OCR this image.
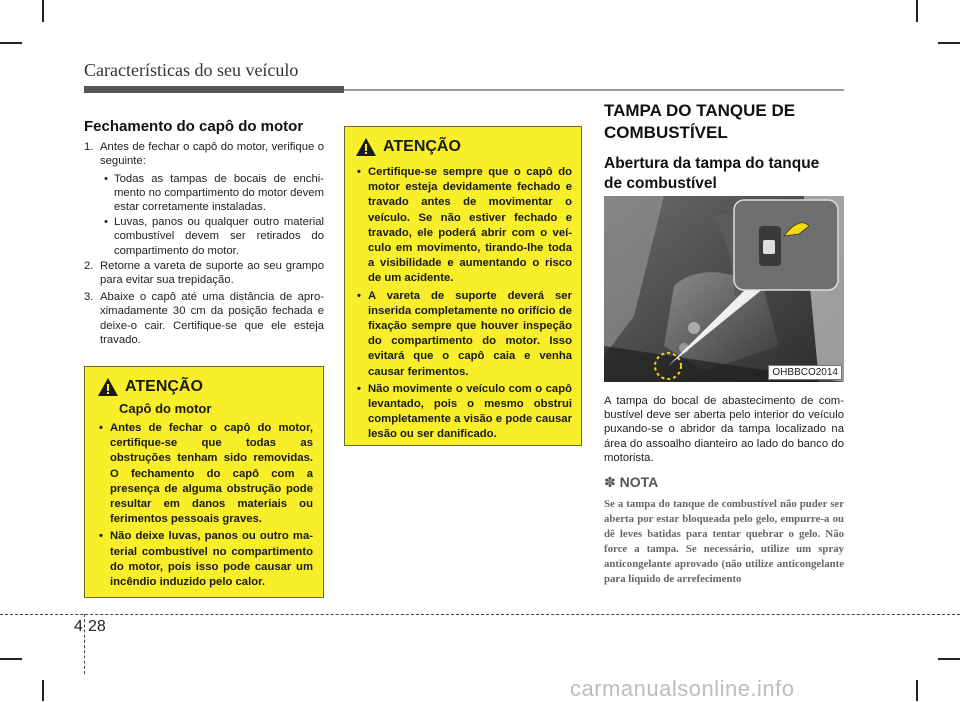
Características do seu veículo
Fechamento do capô do motor
1. Antes de fechar o capô do motor, verifique o seguinte:
• Todas as tampas de bocais de enchimento no compartimento do motor devem estar corretamente instaladas.
• Luvas, panos ou qualquer outro material combustível devem ser retirados do compartimento do motor.
2. Retorne a vareta de suporte ao seu grampo para evitar sua trepidação.
3. Abaixe o capô até uma distância de aproximadamente 30 cm da posição fechada e deixe-o cair. Certifique-se que ele esteja travado.
ATENÇÃO
Capô do motor
• Antes de fechar o capô do motor, certifique-se que todas as obstruções tenham sido removidas. O fechamento do capô com a presença de alguma obstrução pode resultar em danos materiais ou ferimentos pessoais graves.
• Não deixe luvas, panos ou outro material combustível no compartimento do motor, pois isso pode causar um incêndio induzido pelo calor.
ATENÇÃO
• Certifique-se sempre que o capô do motor esteja devidamente fechado e travado antes de movimentar o veículo. Se não estiver fechado e travado, ele poderá abrir com o veículo em movimento, tirando-lhe toda a visibilidade e aumentando o risco de um acidente.
• A vareta de suporte deverá ser inserida completamente no orifício de fixação sempre que houver inspeção do compartimento do motor. Isso evitará que o capô caia e venha causar ferimentos.
• Não movimente o veículo com o capô levantado, pois o mesmo obstrui completamente a visão e pode causar lesão ou ser danificado.
TAMPA DO TANQUE DE
COMBUSTÍVEL
Abertura da tampa do tanque
de combustível
OHBBCO2014
A tampa do bocal de abastecimento de combustível deve ser aberta pelo interior do veículo puxando-se o abridor da tampa localizado na área do assoalho dianteiro ao lado do banco do motorista.
✽ NOTA
Se a tampa do tanque de combustível não puder ser aberta por estar bloqueada pelo gelo, empurre-a ou dê leves batidas para tentar quebrar o gelo. Não force a tampa. Se necessário, utilize um spray anticongelante aprovado (não utilize anticongelante para líquido de arrefecimento
4 28
carmanualsonline.info
